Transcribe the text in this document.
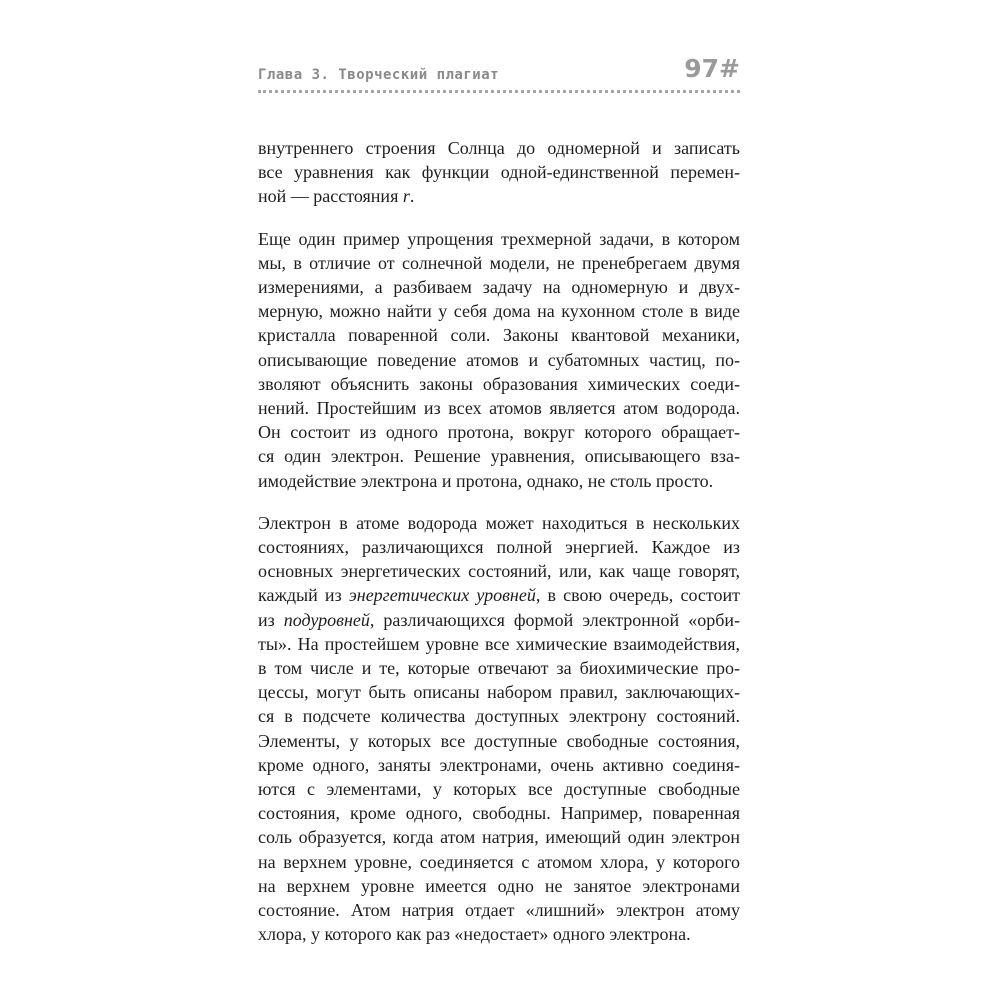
Глава 3. Творческий плагиат	97#

внутреннего строения Солнца до одномерной и записать
все уравнения как функции одной-единственной перемен-
ной — расстояния r.

Еще один пример упрощения трехмерной задачи, в котором
мы, в отличие от солнечной модели, не пренебрегаем двумя
измерениями, а разбиваем задачу на одномерную и двух-
мерную, можно найти у себя дома на кухонном столе в виде
кристалла поваренной соли. Законы квантовой механики,
описывающие поведение атомов и субатомных частиц, по-
зволяют объяснить законы образования химических соеди-
нений. Простейшим из всех атомов является атом водорода.
Он состоит из одного протона, вокруг которого обращает-
ся один электрон. Решение уравнения, описывающего вза-
имодействие электрона и протона, однако, не столь просто.

Электрон в атоме водорода может находиться в нескольких
состояниях, различающихся полной энергией. Каждое из
основных энергетических состояний, или, как чаще говорят,
каждый из энергетических уровней, в свою очередь, состоит
из подуровней, различающихся формой электронной «орби-
ты». На простейшем уровне все химические взаимодействия,
в том числе и те, которые отвечают за биохимические про-
цессы, могут быть описаны набором правил, заключающих-
ся в подсчете количества доступных электрону состояний.
Элементы, у которых все доступные свободные состояния,
кроме одного, заняты электронами, очень активно соединя-
ются с элементами, у которых все доступные свободные
состояния, кроме одного, свободны. Например, поваренная
соль образуется, когда атом натрия, имеющий один электрон
на верхнем уровне, соединяется с атомом хлора, у которого
на верхнем уровне имеется одно не занятое электронами
состояние. Атом натрия отдает «лишний» электрон атому
хлора, у которого как раз «недостает» одного электрона.
